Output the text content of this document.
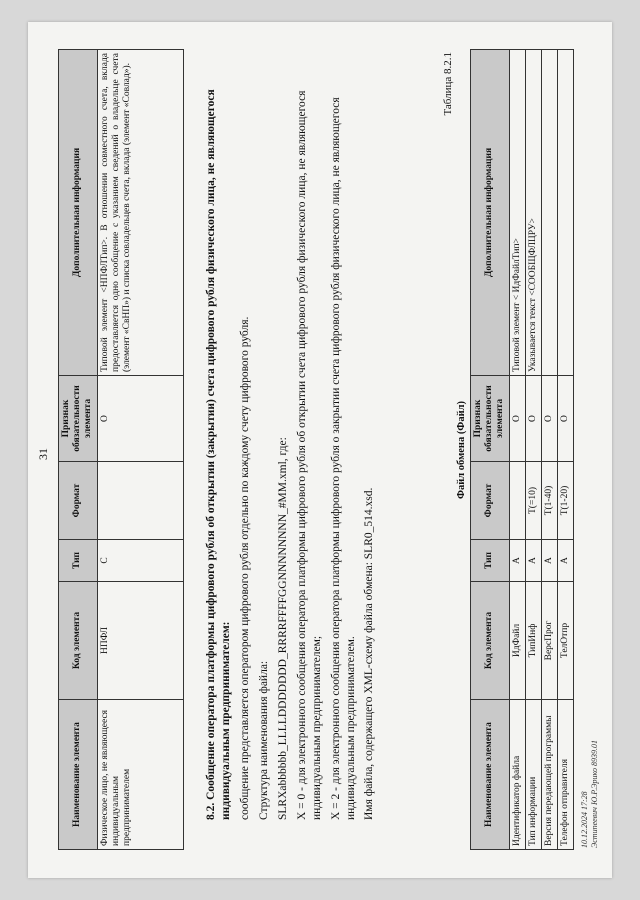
31
Наименование элемента	Код элемента	Тип	Формат	Признак обязательности элемента	Дополнительная информация
Физическое лицо, не являющееся индивидуальным предпринимателем	НПФЛ	С		О	Типовой элемент <НПФЛТип>. В отношении совместного счета, вклада предоставляется одно сообщение с указанием сведений о владельце счета (элемент «СвНП») и списка совладельцев счета, вклада (элемент «Совлад»).	8.2. Сообщение оператора платформы цифрового рубля об открытии (закрытии) счета цифрового рубля физического лица, не являющегося индивидуальным предпринимателем: сообщение представляется оператором цифрового рубля отдельно по каждому счету цифрового рубля. Структура наименования файла: SLRXabbbbbb_LLLLDDDDDDD_RRRRFFFFGGNNNNNNNN_#MM.xml, где: X = 0 - для электронного сообщения оператора платформы цифрового рубля об открытии счета цифрового рубля физического лица, не являющегося индивидуальным предпринимателем; X = 2 - для электронного сообщения оператора платформы цифрового рубля о закрытии счета цифрового рубля физического лица, не являющегося индивидуальным предпринимателем. Имя файла, содержащего XML-схему файла обмена: SLR0_514.xsd.
Таблица 8.2.1
Файл обмена (Файл)
Наименование элемента	Код элемента	Тип	Формат	Признак обязательности элемента	Дополнительная информация
Идентификатор файла	ИдФайл	А		О	Типовой элемент < ИдФайлТип>
Тип информации	ТипИнф	А	Т(=10)	О	Указывается текст <СООБЩФЛЦРУ>
Версия передающей программы	ВерсПрог	А	Т(1-40)	О	
Телефон отправителя	ТелОтпр	А	Т(1-20)	О	
10.12.2024 17:28 Эстипеевич Ю.Р.Эрико 8939.01
